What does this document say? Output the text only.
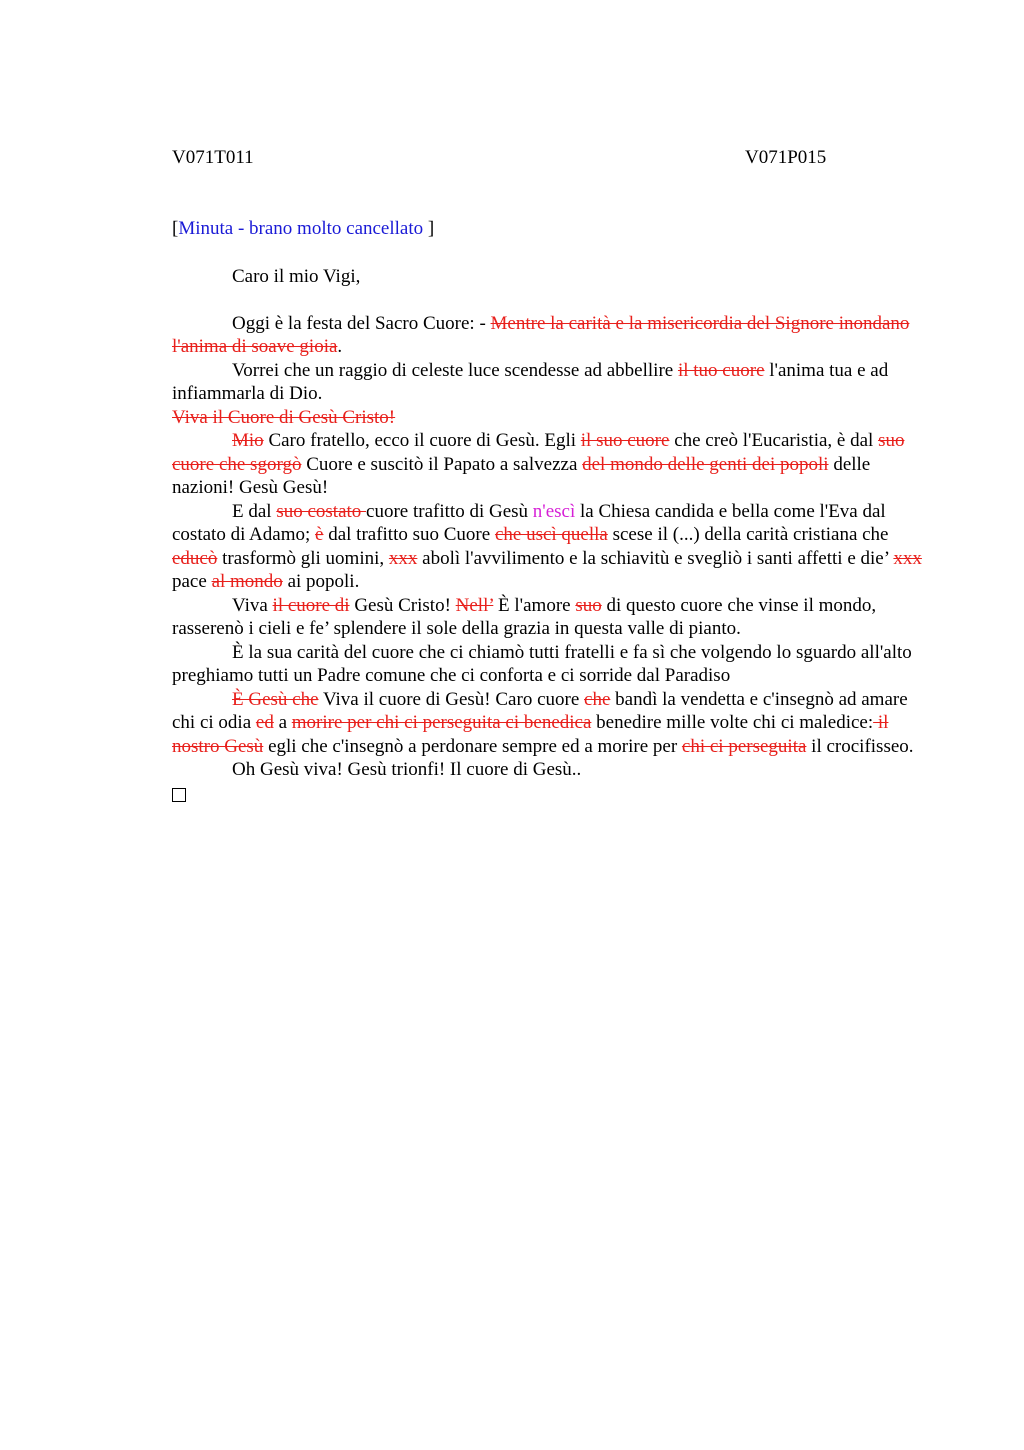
V071T011	V071P015
[Minuta - brano molto cancellato ]

Caro il mio Vigi,

Oggi è la festa del Sacro Cuore: - Mentre la carità e la misericordia del Signore inondano l'anima di soave gioia.

Vorrei che un raggio di celeste luce scendesse ad abbellire il tuo cuore l'anima tua e ad infiammarla di Dio.

Viva il Cuore di Gesù Cristo!

Mio Caro fratello, ecco il cuore di Gesù. Egli il suo cuore che creò l'Eucaristia, è dal suo cuore che sgorgò Cuore e suscitò il Papato a salvezza del mondo delle genti dei popoli delle nazioni! Gesù Gesù!

E dal suo costato cuore trafitto di Gesù n'escì la Chiesa candida e bella come l'Eva dal costato di Adamo; è dal trafitto suo Cuore che uscì quella scese il (...) della carità cristiana che educò trasformò gli uomini, xxx abolì l'avvilimento e la schiavitù e svegliò i santi affetti e die’ xxx pace al mondo ai popoli.

Viva il cuore di Gesù Cristo! Nell’ È l'amore suo di questo cuore che vinse il mondo, rasserenò i cieli e fe’ splendere il sole della grazia in questa valle di pianto.

È la sua carità del cuore che ci chiamò tutti fratelli e fa sì che volgendo lo sguardo all'alto preghiamo tutti un Padre comune che ci conforta e ci sorride dal Paradiso

È Gesù che Viva il cuore di Gesù! Caro cuore che bandì la vendetta e c'insegnò ad amare chi ci odia ed a morire per chi ci perseguita ci benedica benedire mille volte chi ci maledice: il nostro Gesù egli che c'insegnò a perdonare sempre ed a morire per chi ci perseguita il crocifisseo.

Oh Gesù viva! Gesù trionfi! Il cuore di Gesù..
